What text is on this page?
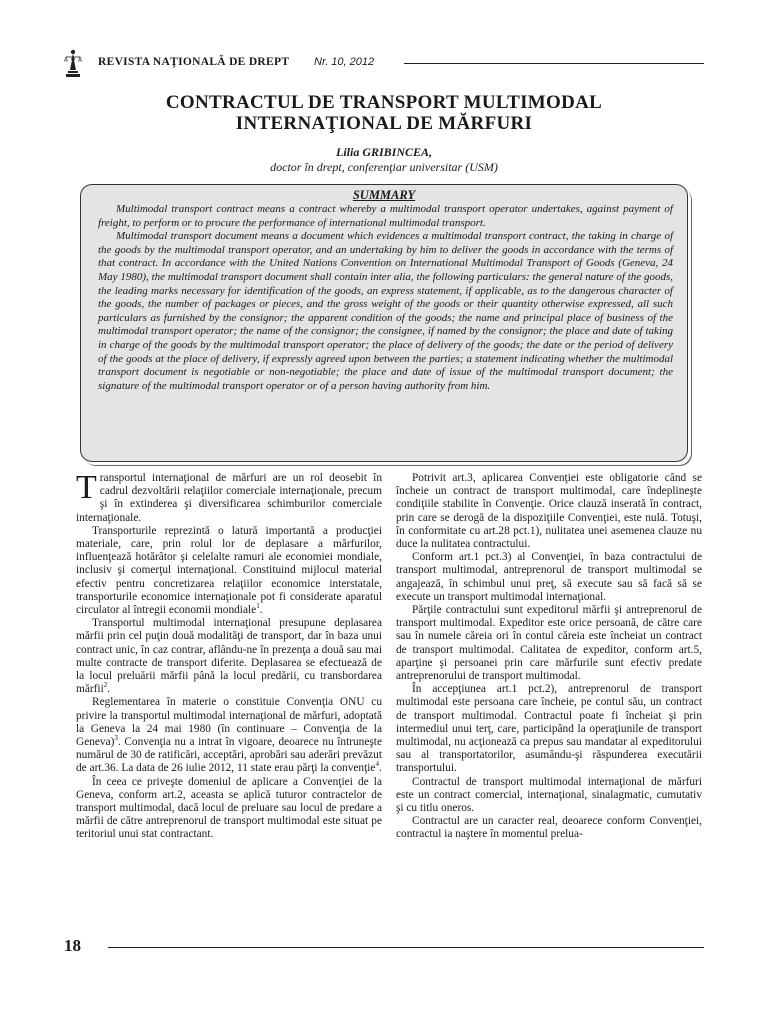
REVISTA NAŢIONALĂ DE DREPT Nr. 10, 2012
CONTRACTUL DE TRANSPORT MULTIMODAL
INTERNAŢIONAL DE MĂRFURI
Lilia GRIBINCEA,
doctor în drept, conferenţiar universitar (USM)
SUMMARY

Multimodal transport contract means a contract whereby a multimodal transport operator undertakes, against payment of freight, to perform or to procure the performance of international multimodal transport.

Multimodal transport document means a document which evidences a multimodal transport contract, the taking in charge of the goods by the multimodal transport operator, and an undertaking by him to deliver the goods in accordance with the terms of that contract. In accordance with the United Nations Convention on International Multimodal Transport of Goods (Geneva, 24 May 1980), the multimodal transport document shall contain inter alia, the following particulars: the general nature of the goods, the leading marks necessary for identification of the goods, an express statement, if applicable, as to the dangerous character of the goods, the number of packages or pieces, and the gross weight of the goods or their quantity otherwise expressed, all such particulars as furnished by the consignor; the apparent condition of the goods; the name and principal place of business of the multimodal transport operator; the name of the consignor; the consignee, if named by the consignor; the place and date of taking in charge of the goods by the multimodal transport operator; the place of delivery of the goods; the date or the period of delivery of the goods at the place of delivery, if expressly agreed upon between the parties; a statement indicating whether the multimodal transport document is negotiable or non-negotiable; the place and date of issue of the multimodal transport document; the signature of the multimodal transport operator or of a person having authority from him.

Transportul internaţional de mărfuri are un rol deosebit în cadrul dezvoltării relaţiilor comerciale internaţionale, precum şi în extinderea şi diversificarea schimburilor comerciale internaţionale.

Transporturile reprezintă o latură importantă a producţiei materiale, care, prin rolul lor de deplasare a mărfurilor, influenţează hotărâtor şi celelalte ramuri ale economiei mondiale, inclusiv şi comerţul internaţional. Constituind mijlocul material efectiv pentru concretizarea relaţiilor economice interstatale, transporturile economice internaţionale pot fi considerate aparatul circulator al întregii economii mondiale$^1$.

Transportul multimodal internaţional presupune deplasarea mărfii prin cel puţin două modalităţi de transport, dar în baza unui contract unic, în caz contrar, aflându-ne în prezenţa a două sau mai multe contracte de transport diferite. Deplasarea se efectuează de la locul preluării mărfii până la locul predării, cu transbordarea mărfii$^2$.

Reglementarea în materie o constituie Convenţia ONU cu privire la transportul multimodal internaţional de mărfuri, adoptată la Geneva la 24 mai 1980 (în continuare – Convenţia de la Geneva)$^3$. Convenţia nu a intrat în vigoare, deoarece nu întruneşte numărul de 30 de ratificări, acceptări, aprobări sau aderări prevăzut de art.36. La data de 26 iulie 2012, 11 state erau părţi la convenţie$^4$.

În ceea ce priveşte domeniul de aplicare a Convenţiei de la Geneva, conform art.2, aceasta se aplică tuturor contractelor de transport multimodal, dacă locul de preluare sau locul de predare a mărfii de către antreprenorul de transport multimodal este situat pe teritoriul unui stat contractant.

Potrivit art.3, aplicarea Convenţiei este obligatorie când se încheie un contract de transport multimodal, care îndeplineşte condiţiile stabilite în Convenţie. Orice clauză inserată în contract, prin care se derogă de la dispoziţiile Convenţiei, este nulă. Totuşi, în conformitate cu art.28 pct.1), nulitatea unei asemenea clauze nu duce la nulitatea contractului.

Conform art.1 pct.3) al Convenţiei, în baza contractului de transport multimodal, antreprenorul de transport multimodal se angajează, în schimbul unui preţ, să execute sau să facă să se execute un transport multimodal internaţional.

Părţile contractului sunt expeditorul mărfii şi antreprenorul de transport multimodal. Expeditor este orice persoană, de către care sau în numele căreia ori în contul căreia este încheiat un contract de transport multimodal. Calitatea de expeditor, conform art.5, aparţine şi persoanei prin care mărfurile sunt efectiv predate antreprenorului de transport multimodal.

În accepţiunea art.1 pct.2), antreprenorul de transport multimodal este persoana care încheie, pe contul său, un contract de transport multimodal. Contractul poate fi încheiat şi prin intermediul unui terţ, care, participând la operaţiunile de transport multimodal, nu acţionează ca prepus sau mandatar al expeditorului sau al transportatorilor, asumându-şi răspunderea executării transportului.

Contractul de transport multimodal internaţional de mărfuri este un contract comercial, internaţional, sinalagmatic, cumutativ şi cu titlu oneros.

Contractul are un caracter real, deoarece conform Convenţiei, contractul ia naştere în momentul prelua-

18
